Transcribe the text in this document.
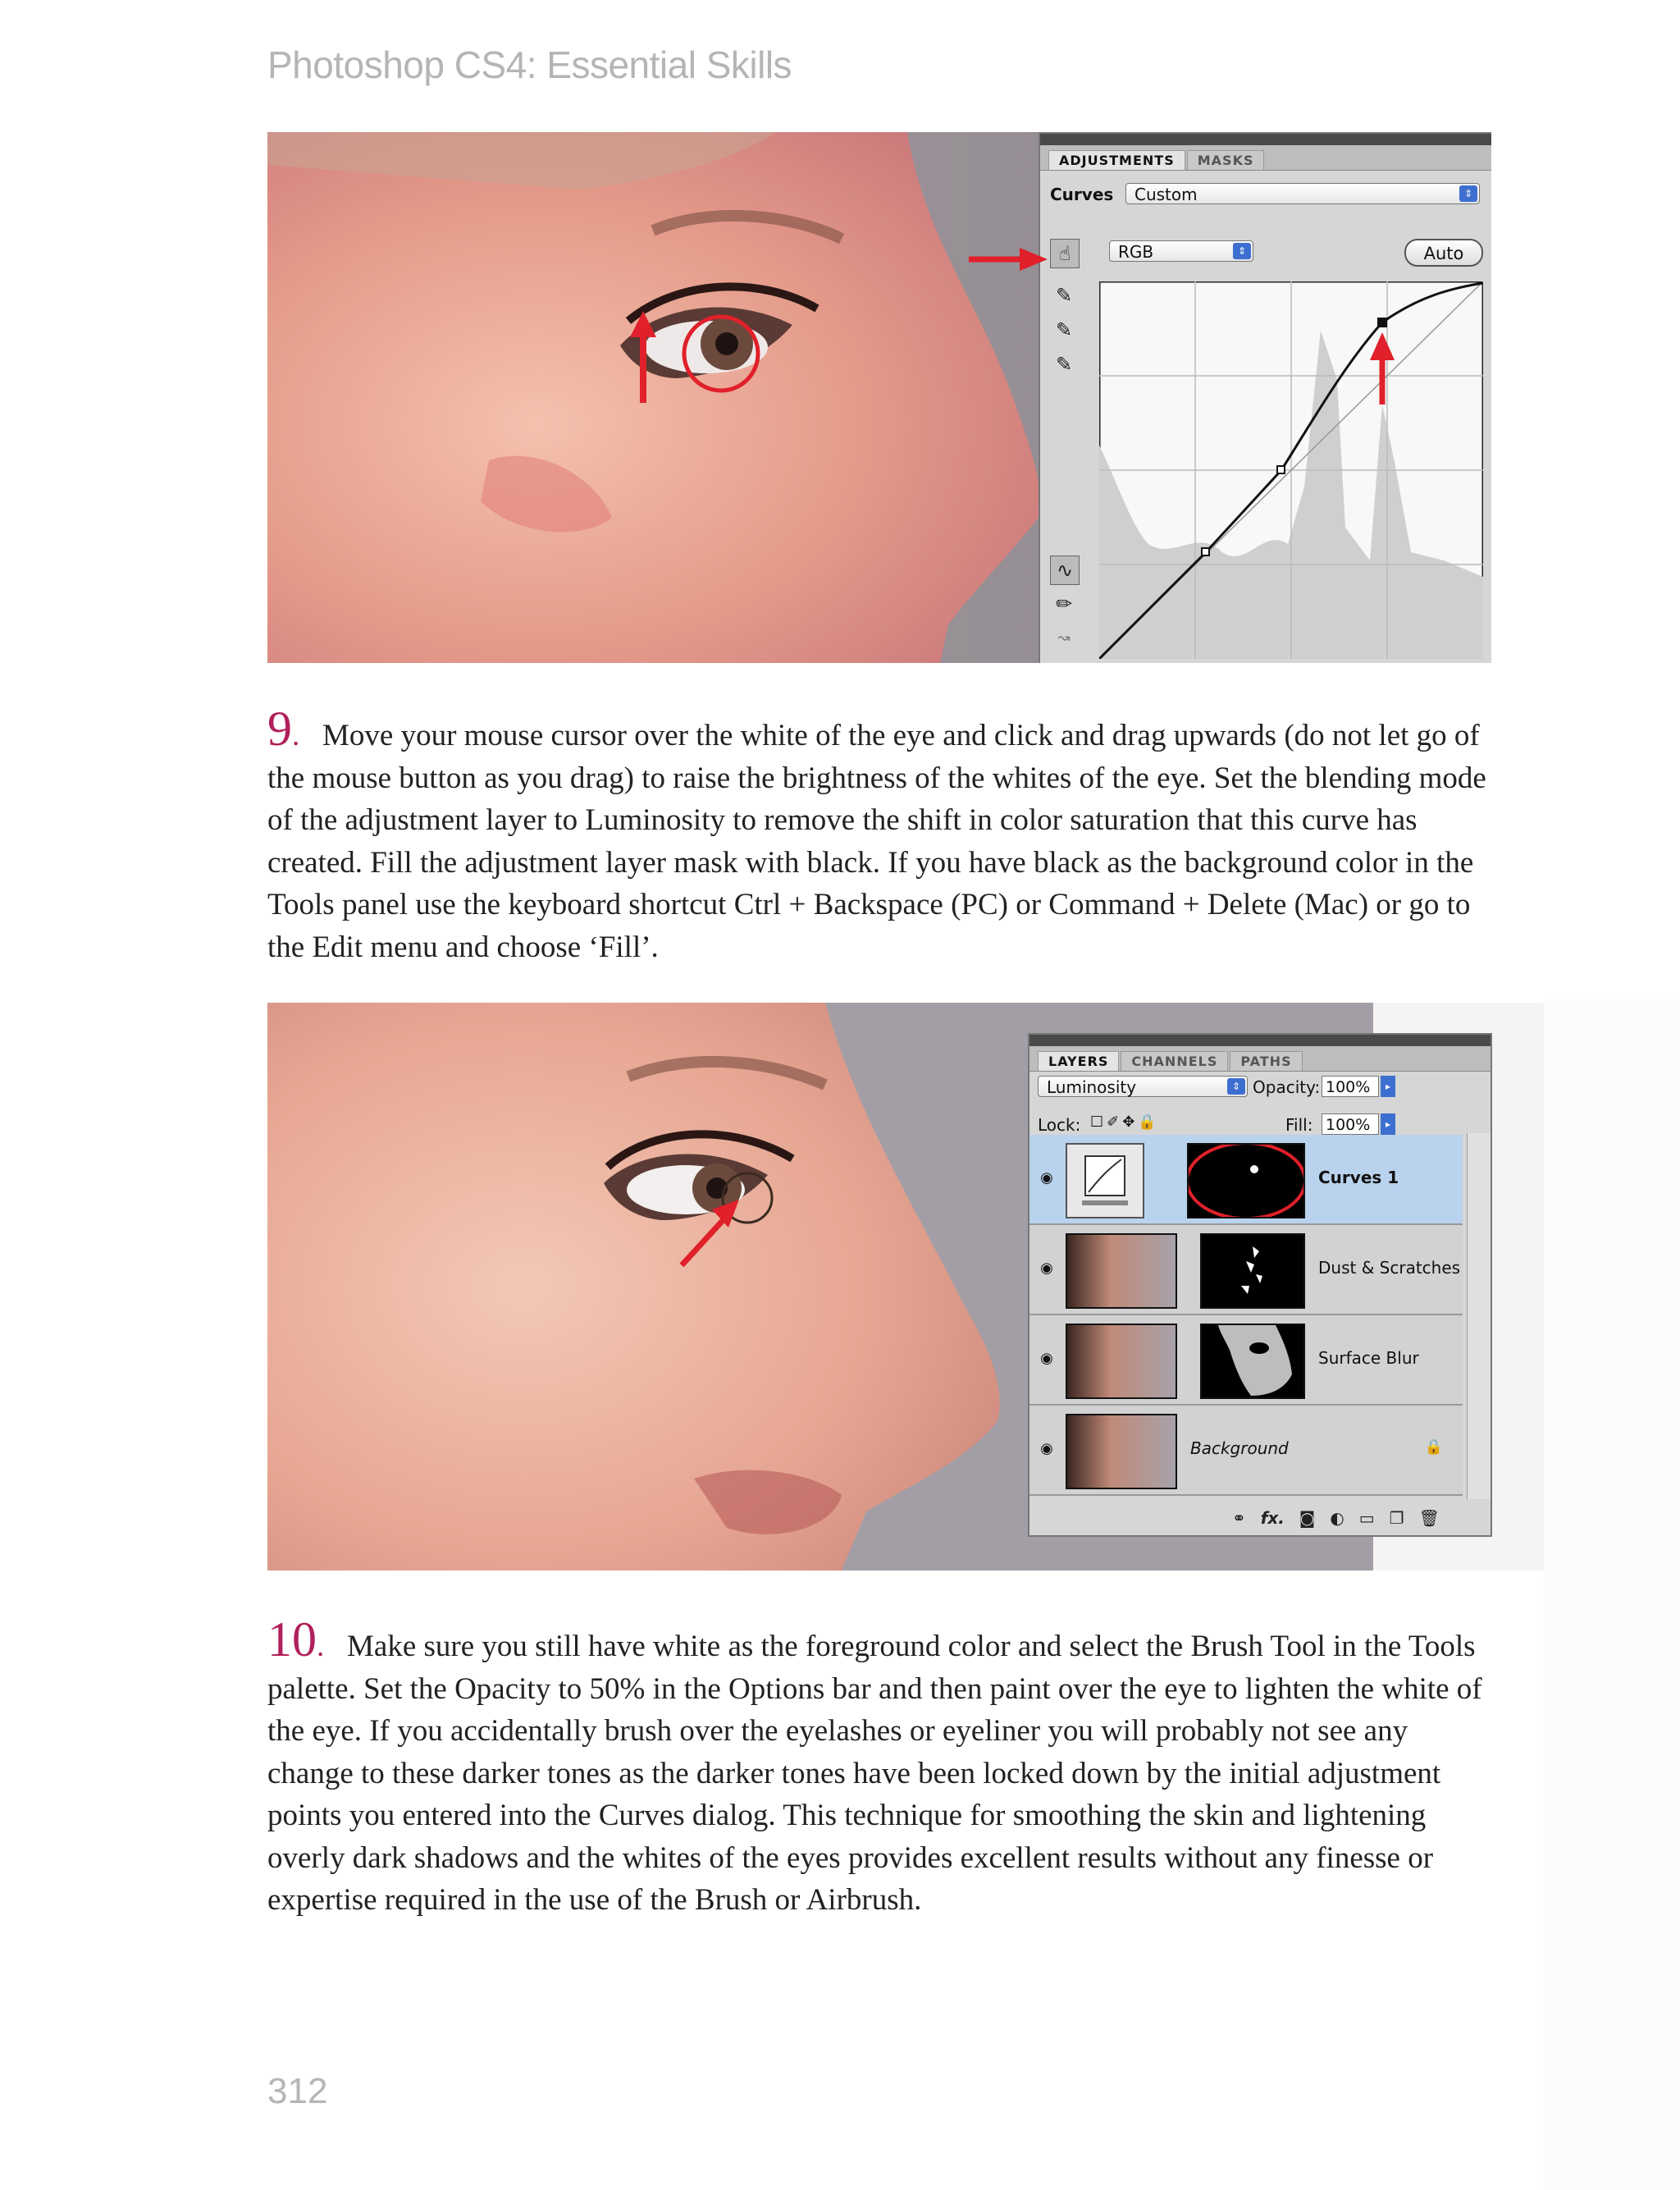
Photoshop CS4: Essential Skills
ADJUSTMENTS	MASKS
Curves	Custom	⇕
☝	RGB	⇕	Auto
✎
✎
✎
∿
✏
↝
9. Move your mouse cursor over the white of the eye and click and drag upwards (do not let go of the mouse button as you drag) to raise the brightness of the whites of the eye. Set the blending mode of the adjustment layer to Luminosity to remove the shift in color saturation that this curve has created. Fill the adjustment layer mask with black. If you have black as the background color in the Tools panel use the keyboard shortcut Ctrl + Backspace (PC) or Command + Delete (Mac) or go to the Edit menu and choose ‘Fill’.
LAYERS	CHANNELS	PATHS
Luminosity	⇕ Opacity: 100%	▸
Lock: ☐✐✥🔒	Fill: 100%	▸
◉	Curves 1
◉	Dust & Scratches
◉	Surface Blur
◉	Background	🔒
⚭ fx. ◙ ◐ ▭ ❐ 🗑
10. Make sure you still have white as the foreground color and select the Brush Tool in the Tools palette. Set the Opacity to 50% in the Options bar and then paint over the eye to lighten the white of the eye. If you accidentally brush over the eyelashes or eyeliner you will probably not see any change to these darker tones as the darker tones have been locked down by the initial adjustment points you entered into the Curves dialog. This technique for smoothing the skin and lightening overly dark shadows and the whites of the eyes provides excellent results without any finesse or expertise required in the use of the Brush or Airbrush.
312
